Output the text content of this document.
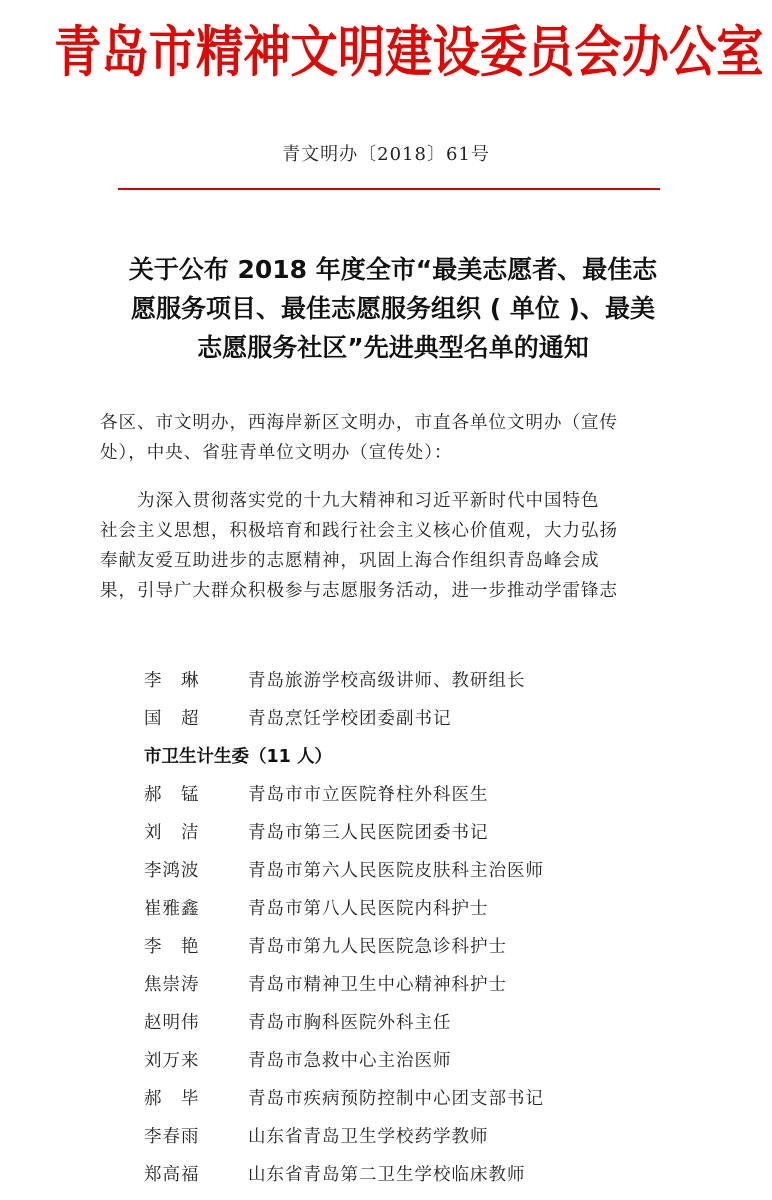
青岛市精神文明建设委员会办公室
青文明办〔2018〕61号
关于公布 2018 年度全市“最美志愿者、最佳志
愿服务项目、最佳志愿服务组织 ( 单位 )、最美
志愿服务社区”先进典型名单的通知
各区、市文明办，西海岸新区文明办，市直各单位文明办（宣传
处），中央、省驻青单位文明办（宣传处）：
　　为深入贯彻落实党的十九大精神和习近平新时代中国特色
社会主义思想，积极培育和践行社会主义核心价值观，大力弘扬
奉献友爱互助进步的志愿精神，巩固上海合作组织青岛峰会成
果，引导广大群众积极参与志愿服务活动，进一步推动学雷锋志
李　琳	青岛旅游学校高级讲师、教研组长
国　超	青岛烹饪学校团委副书记
市卫生计生委（11 人）
郝　锰	青岛市市立医院脊柱外科医生
刘　洁	青岛市第三人民医院团委书记
李鸿波	青岛市第六人民医院皮肤科主治医师
崔雅鑫	青岛市第八人民医院内科护士
李　艳	青岛市第九人民医院急诊科护士
焦崇涛	青岛市精神卫生中心精神科护士
赵明伟	青岛市胸科医院外科主任
刘万来	青岛市急救中心主治医师
郝　毕	青岛市疾病预防控制中心团支部书记
李春雨	山东省青岛卫生学校药学教师
郑高福	山东省青岛第二卫生学校临床教师
